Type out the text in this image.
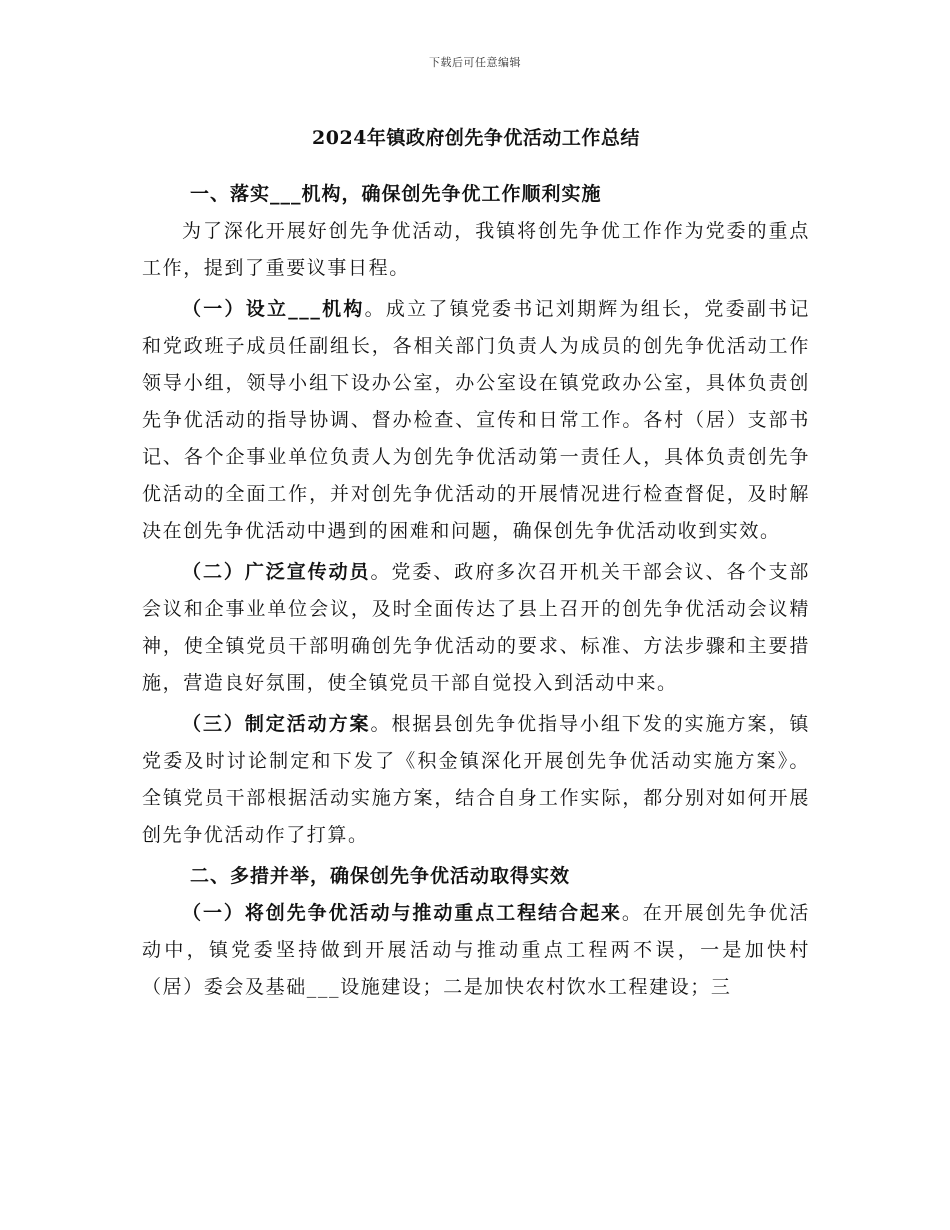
下载后可任意编辑
2024年镇政府创先争优活动工作总结
一、落实___机构，确保创先争优工作顺利实施

为了深化开展好创先争优活动，我镇将创先争优工作作为党委的重点工作，提到了重要议事日程。

（一）设立___机构。成立了镇党委书记刘期辉为组长，党委副书记和党政班子成员任副组长，各相关部门负责人为成员的创先争优活动工作领导小组，领导小组下设办公室，办公室设在镇党政办公室，具体负责创先争优活动的指导协调、督办检查、宣传和日常工作。各村（居）支部书记、各个企事业单位负责人为创先争优活动第一责任人，具体负责创先争优活动的全面工作，并对创先争优活动的开展情况进行检查督促，及时解决在创先争优活动中遇到的困难和问题，确保创先争优活动收到实效。

（二）广泛宣传动员。党委、政府多次召开机关干部会议、各个支部会议和企事业单位会议，及时全面传达了县上召开的创先争优活动会议精神，使全镇党员干部明确创先争优活动的要求、标准、方法步骤和主要措施，营造良好氛围，使全镇党员干部自觉投入到活动中来。

（三）制定活动方案。根据县创先争优指导小组下发的实施方案，镇党委及时讨论制定和下发了《积金镇深化开展创先争优活动实施方案》。全镇党员干部根据活动实施方案，结合自身工作实际，都分别对如何开展创先争优活动作了打算。

二、多措并举，确保创先争优活动取得实效

（一）将创先争优活动与推动重点工程结合起来。在开展创先争优活动中，镇党委坚持做到开展活动与推动重点工程两不误，一是加快村（居）委会及基础___设施建设；二是加快农村饮水工程建设；三
